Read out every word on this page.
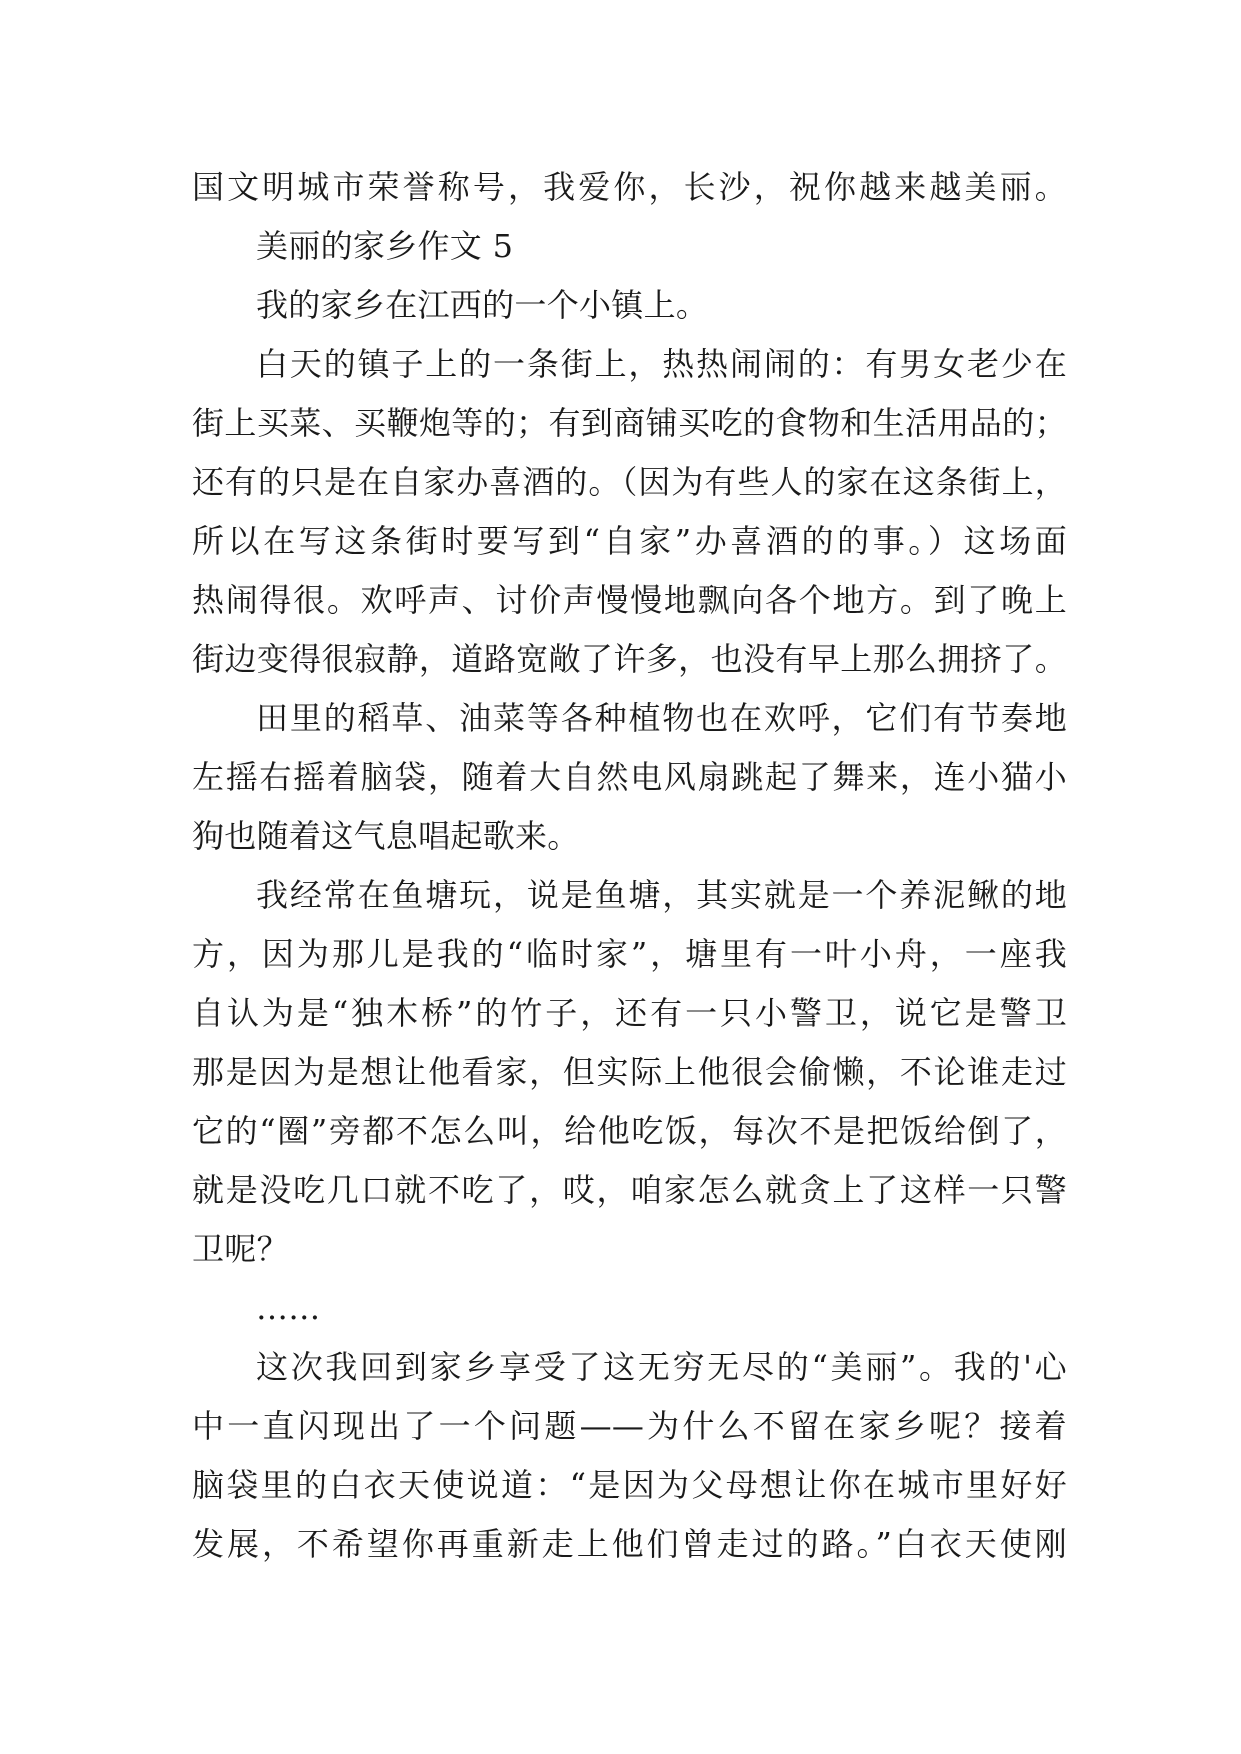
国文明城市荣誉称号，我爱你，长沙，祝你越来越美丽。
美丽的家乡作文 5
我的家乡在江西的一个小镇上。
白天的镇子上的一条街上，热热闹闹的：有男女老少在
街上买菜、买鞭炮等的；有到商铺买吃的食物和生活用品的；
还有的只是在自家办喜酒的。（因为有些人的家在这条街上，
所以在写这条街时要写到“自家”办喜酒的的事。）这场面
热闹得很。欢呼声、讨价声慢慢地飘向各个地方。到了晚上
街边变得很寂静，道路宽敞了许多，也没有早上那么拥挤了。
田里的稻草、油菜等各种植物也在欢呼，它们有节奏地
左摇右摇着脑袋，随着大自然电风扇跳起了舞来，连小猫小
狗也随着这气息唱起歌来。
我经常在鱼塘玩，说是鱼塘，其实就是一个养泥鳅的地
方，因为那儿是我的“临时家”，塘里有一叶小舟，一座我
自认为是“独木桥”的竹子，还有一只小警卫，说它是警卫
那是因为是想让他看家，但实际上他很会偷懒，不论谁走过
它的“圈”旁都不怎么叫，给他吃饭，每次不是把饭给倒了，
就是没吃几口就不吃了，哎，咱家怎么就贪上了这样一只警
卫呢？
……
这次我回到家乡享受了这无穷无尽的“美丽”。我的'心
中一直闪现出了一个问题——为什么不留在家乡呢？接着
脑袋里的白衣天使说道：“是因为父母想让你在城市里好好
发展，不希望你再重新走上他们曾走过的路。”白衣天使刚
